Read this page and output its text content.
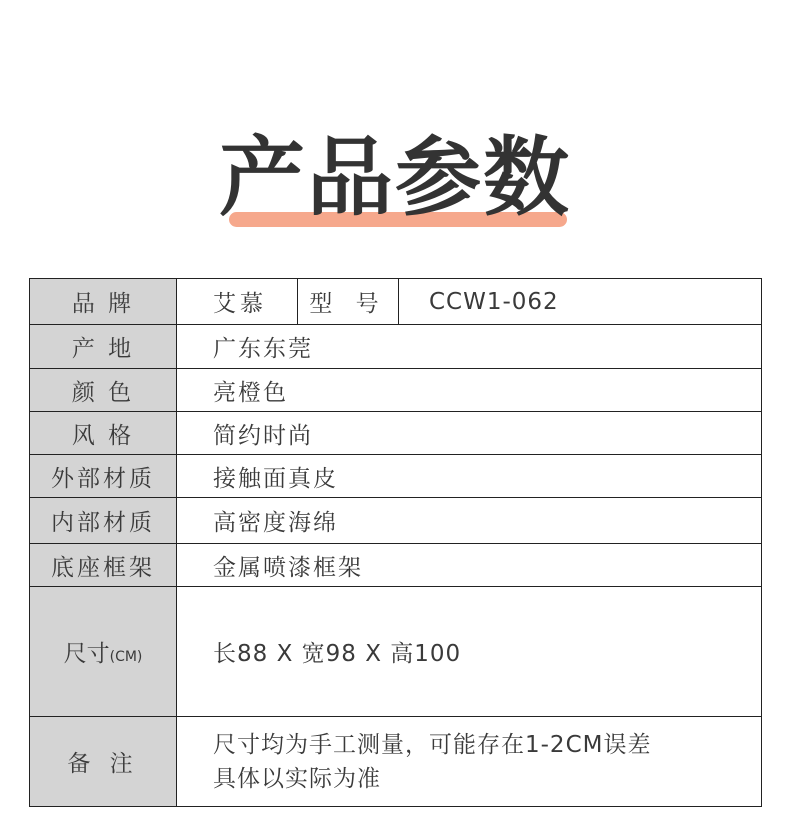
产品参数
品 牌	艾慕	型 号	CCW1-062
产 地	广东东莞		
颜 色	亮橙色		
风 格	简约时尚		
外部材质	接触面真皮		
内部材质	高密度海绵		
底座框架	金属喷漆框架		
尺寸(CM)	长88 X 宽98 X 高100		
备 注	尺寸均为手工测量，可能存在1-2CM误差
具体以实际为准		
